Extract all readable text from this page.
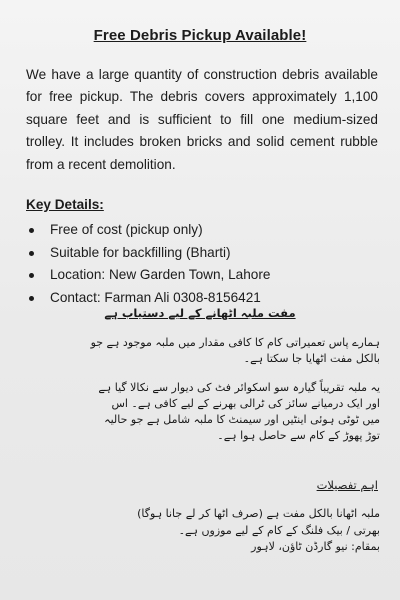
Free Debris Pickup Available!
We have a large quantity of construction debris available for free pickup. The debris covers approximately 1,100 square feet and is sufficient to fill one medium-sized trolley. It includes broken bricks and solid cement rubble from a recent demolition.
Key Details:
Free of cost (pickup only)
Suitable for backfilling (Bharti)
Location: New Garden Town, Lahore
Contact: Farman Ali 0308-8156421
مفت ملبہ اٹھانے کے لیے دستیاب ہے
ہمارے پاس تعمیراتی کام کا کافی مقدار میں ملبہ موجود ہے جو
بالکل مفت اٹھایا جا سکتا ہے۔
یہ ملبہ تقریباً گیارہ سو اسکوائر فٹ کی دیوار سے نکالا گیا ہے
اور ایک درمیانے سائز کی ٹرالی بھرنے کے لیے کافی ہے۔ اس
میں ٹوٹی ہوئی اینٹیں اور سیمنٹ کا ملبہ شامل ہے جو حالیہ
توڑ پھوڑ کے کام سے حاصل ہوا ہے۔
اہم تفصیلات
ملبہ اٹھانا بالکل مفت ہے (صرف اٹھا کر لے جانا ہوگا)
بھرتی / بیک فلنگ کے کام کے لیے موزوں ہے۔
بمقام: نیو گارڈن ٹاؤن، لاہور
